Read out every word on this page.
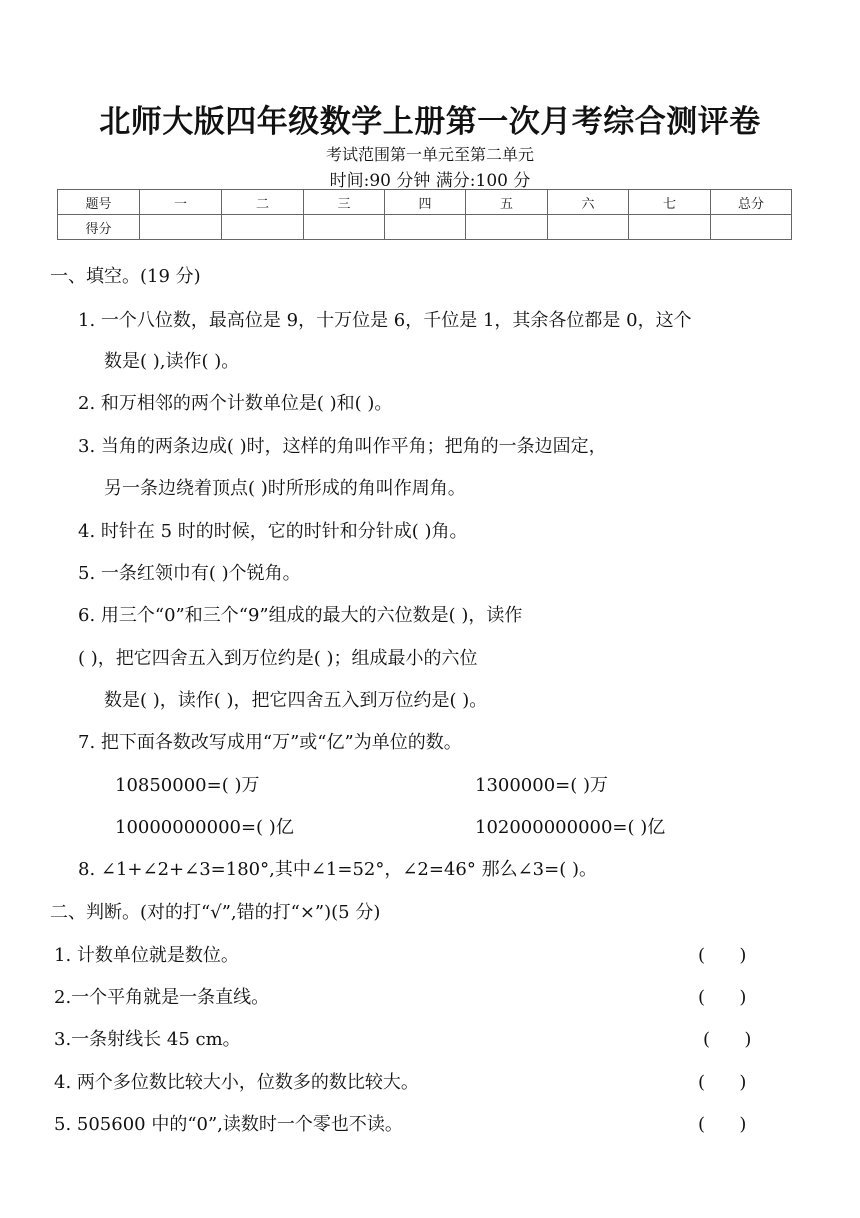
北师大版四年级数学上册第一次月考综合测评卷
考试范围第一单元至第二单元
时间:90 分钟 满分:100 分
题号	一	二	三	四	五	六	七	总分
得分								
一、填空。(19 分)
1. 一个八位数，最高位是 9，十万位是 6，千位是 1，其余各位都是 0，这个
数是( ),读作( )。
2. 和万相邻的两个计数单位是( )和( )。
3. 当角的两条边成( )时，这样的角叫作平角；把角的一条边固定，
另一条边绕着顶点( )时所形成的角叫作周角。
4. 时针在 5 时的时候，它的时针和分针成( )角。
5. 一条红领巾有( )个锐角。
6. 用三个“0”和三个“9”组成的最大的六位数是( )，读作
( )，把它四舍五入到万位约是( )；组成最小的六位
数是( )，读作( )，把它四舍五入到万位约是( )。
7. 把下面各数改写成用“万”或“亿”为单位的数。
10850000=( )万	1300000=( )万
10000000000=( )亿	102000000000=( )亿
8. ∠1+∠2+∠3=180°,其中∠1=52°，∠2=46° 那么∠3=( )。
二、判断。(对的打“√”,错的打“×”)(5 分)
1. 计数单位就是数位。	(      )
2.一个平角就是一条直线。	(      )
3.一条射线长 45 cm。	(      )
4. 两个多位数比较大小，位数多的数比较大。	(      )
5. 505600 中的“0”,读数时一个零也不读。	(      )
